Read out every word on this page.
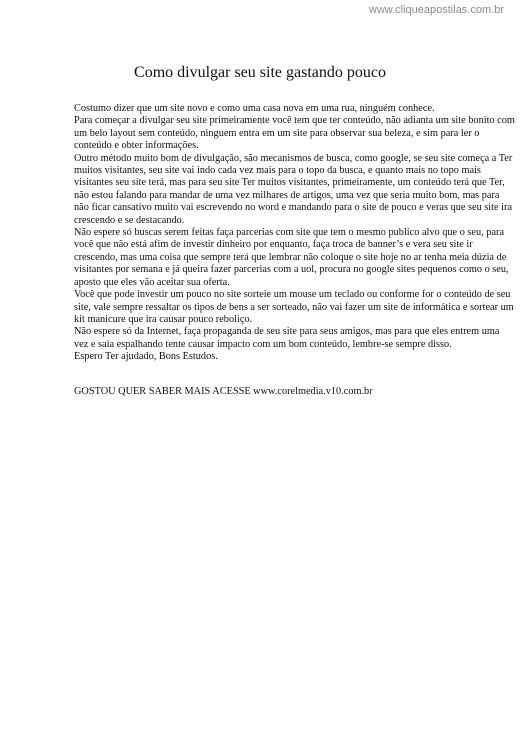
www.cliqueapostilas.com.br
Como divulgar seu site gastando pouco

Costumo dizer que um site novo e como uma casa nova em uma rua, ninguém conhece.

Para começar a divulgar seu site primeiramente você tem que ter conteúdo, não adianta um site bonito com um belo layout sem conteúdo, ninguem entra em um site para observar sua beleza, e sim para ler o conteúdo e obter informações.

Outro método muito bom de divulgação, são mecanismos de busca, como google, se seu site começa a Ter muitos visitantes, seu site vai indo cada vez mais para o topo da busca, e quanto mais no topo mais visitantes seu site terá, mas para seu site Ter muitos visitantes, primeiramente, um conteúdo terá que Ter, não estou falando para mandar de uma vez milhares de artigos, uma vez que seria muito bom, mas para não ficar cansativo muito vai escrevendo no word e mandando para o site de pouco e veras que seu site ira crescendo e se destacando.

Não espere só buscas serem feitas faça parcerias com site que tem o mesmo publico alvo que o seu, para você que não está afim de investir dinheiro por enquanto, faça troca de banner’s e vera seu site ir crescendo, mas uma coisa que sempre terá que lembrar não coloque o site hoje no ar tenha meia dúzia de visitantes por semana e já queira fazer parcerias com a uol, procura no google sites pequenos como o seu, aposto que eles vão aceitar sua oferta.

Você que pode investir um pouco no site sorteie um mouse um teclado ou conforme for o conteúdo de seu site, vale sempre ressaltar os tipos de bens a ser sorteado, não vai fazer um site de informática e sortear um kit manicure que ira causar pouco reboliço.

Não espere só da Internet, faça propaganda de seu site para seus amigos, mas para que eles entrem uma vez e saia espalhando tente causar impacto com um bom conteúdo, lembre-se sempre disso.

Espero Ter ajudado, Bons Estudos.

GOSTOU QUER SABER MAIS ACESSE www.corelmedia.v10.com.br
